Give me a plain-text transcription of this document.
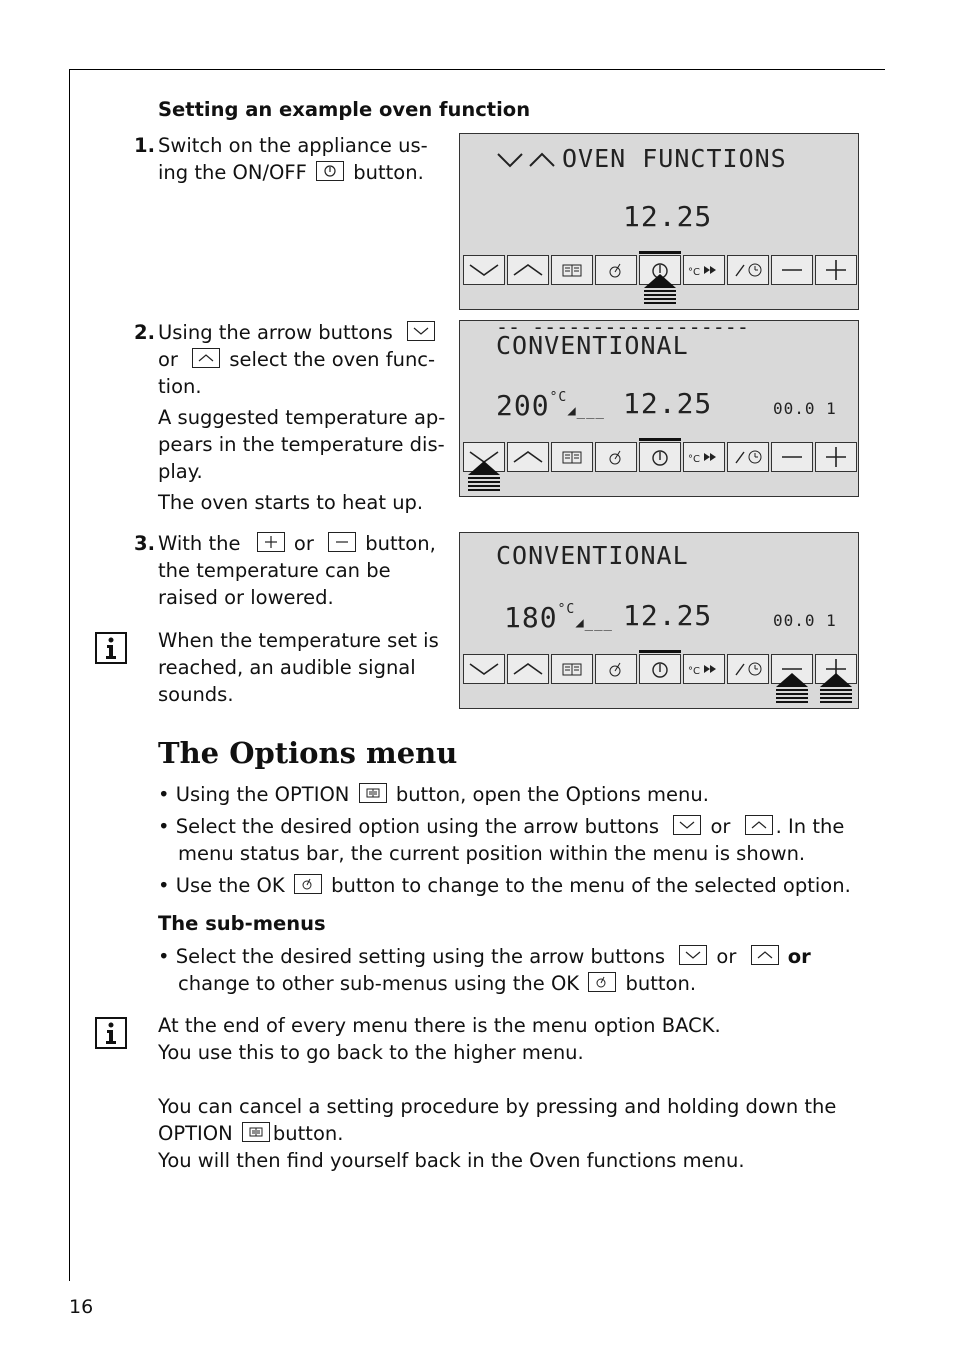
Setting an example oven function
1. Switch on the appliance us-
ing the ON/OFF button.
2. Using the arrow buttons
or	select the oven func-
tion.
A suggested temperature ap-
pears in the temperature dis-
play.
The oven starts to heat up.
3. With the	or	button,
the temperature can be
raised or lowered.
When the temperature set is
reached, an audible signal
sounds.
OVEN FUNCTIONS
12.25
°C
-- ------------------
CONVENTIONAL
$200^{^\circ C}◢\_\_\_$ 12.25	00.0 1
°C
CONVENTIONAL
$180^{^\circ C}◢\_\_\_$ 12.25	00.0 1
°C
The Options menu
• Using the OPTION button, open the Options menu.
• Select the desired option using the arrow buttons	or . In the
menu status bar, the current position within the menu is shown.
• Use the OK button to change to the menu of the selected option.
The sub-menus
• Select the desired setting using the arrow buttons	or	or
change to other sub-menus using the OK button.
At the end of every menu there is the menu option BACK.
You use this to go back to the higher menu.
You can cancel a setting procedure by pressing and holding down the
OPTION button.
You will then find yourself back in the Oven functions menu.
16
